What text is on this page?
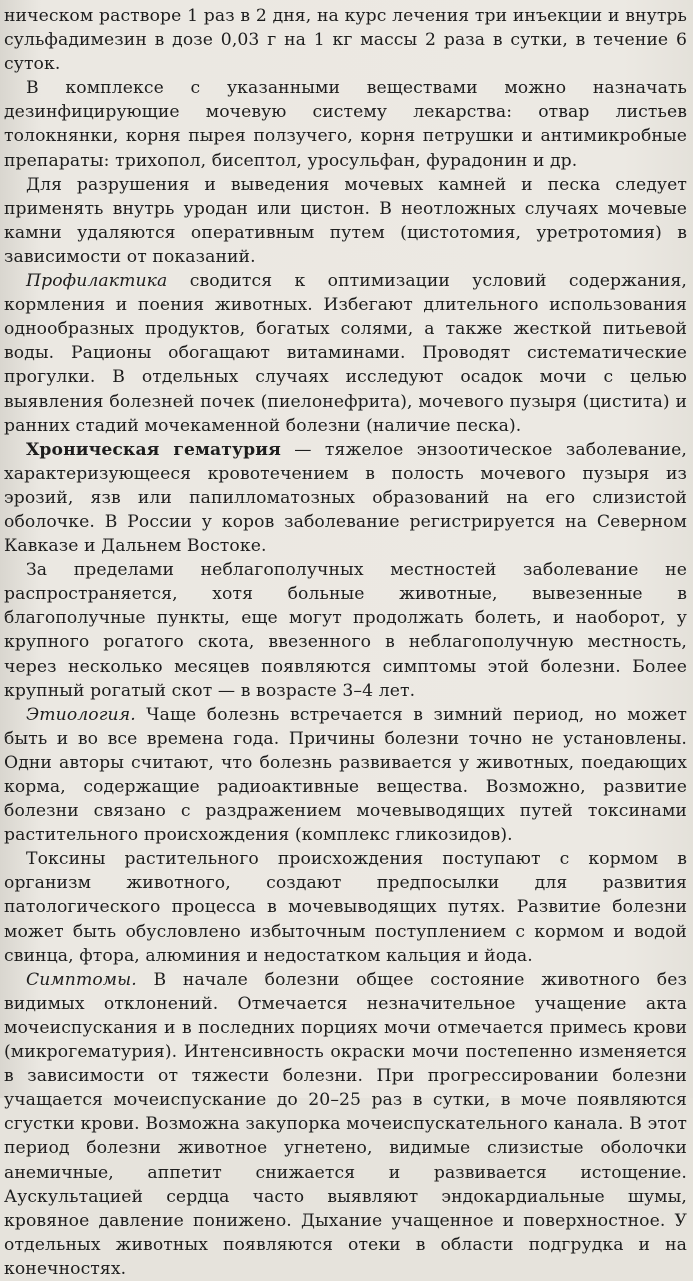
ническом растворе 1 раз в 2 дня, на курс лечения три инъекции и внутрь сульфадимезин в дозе 0,03 г на 1 кг массы 2 раза в сутки, в течение 6 суток.

В комплексе с указанными веществами можно назначать дезинфицирующие мочевую систему лекарства: отвар листьев толокнянки, корня пырея ползучего, корня петрушки и антимикробные препараты: трихопол, бисептол, уросульфан, фурадонин и др.

Для разрушения и выведения мочевых камней и песка следует применять внутрь уродан или цистон. В неотложных случаях мочевые камни удаляются оперативным путем (цистотомия, уретротомия) в зависимости от показаний.

Профилактика сводится к оптимизации условий содержания, кормления и поения животных. Избегают длительного использования однообразных продуктов, богатых солями, а также жесткой питьевой воды. Рационы обогащают витаминами. Проводят систематические прогулки. В отдельных случаях исследуют осадок мочи с целью выявления болезней почек (пиелонефрита), мочевого пузыря (цистита) и ранних стадий мочекаменной болезни (наличие песка).

Хроническая гематурия — тяжелое энзоотическое заболевание, характеризующееся кровотечением в полость мочевого пузыря из эрозий, язв или папилломатозных образований на его слизистой оболочке. В России у коров заболевание регистрируется на Северном Кавказе и Дальнем Востоке.

За пределами неблагополучных местностей заболевание не распространяется, хотя больные животные, вывезенные в благополучные пункты, еще могут продолжать болеть, и наоборот, у крупного рогатого скота, ввезенного в неблагополучную местность, через несколько месяцев появляются симптомы этой болезни. Более крупный рогатый скот — в возрасте 3–4 лет.

Этиология. Чаще болезнь встречается в зимний период, но может быть и во все времена года. Причины болезни точно не установлены. Одни авторы считают, что болезнь развивается у животных, поедающих корма, содержащие радиоактивные вещества. Возможно, развитие болезни связано с раздражением мочевыводящих путей токсинами растительного происхождения (комплекс гликозидов).

Токсины растительного происхождения поступают с кормом в организм животного, создают предпосылки для развития патологического процесса в мочевыводящих путях. Развитие болезни может быть обусловлено избыточным поступлением с кормом и водой свинца, фтора, алюминия и недостатком кальция и йода.

Симптомы. В начале болезни общее состояние животного без видимых отклонений. Отмечается незначительное учащение акта мочеиспускания и в последних порциях мочи отмечается примесь крови (микрогематурия). Интенсивность окраски мочи постепенно изменяется в зависимости от тяжести болезни. При прогрессировании болезни учащается мочеиспускание до 20–25 раз в сутки, в моче появляются сгустки крови. Возможна закупорка мочеиспускательного канала. В этот период болезни животное угнетено, видимые слизистые оболочки анемичные, аппетит снижается и развивается истощение. Аускультацией сердца часто выявляют эндокардиальные шумы, кровяное давление понижено. Дыхание учащенное и поверхностное. У отдельных животных появляются отеки в области подгрудка и на конечностях.
